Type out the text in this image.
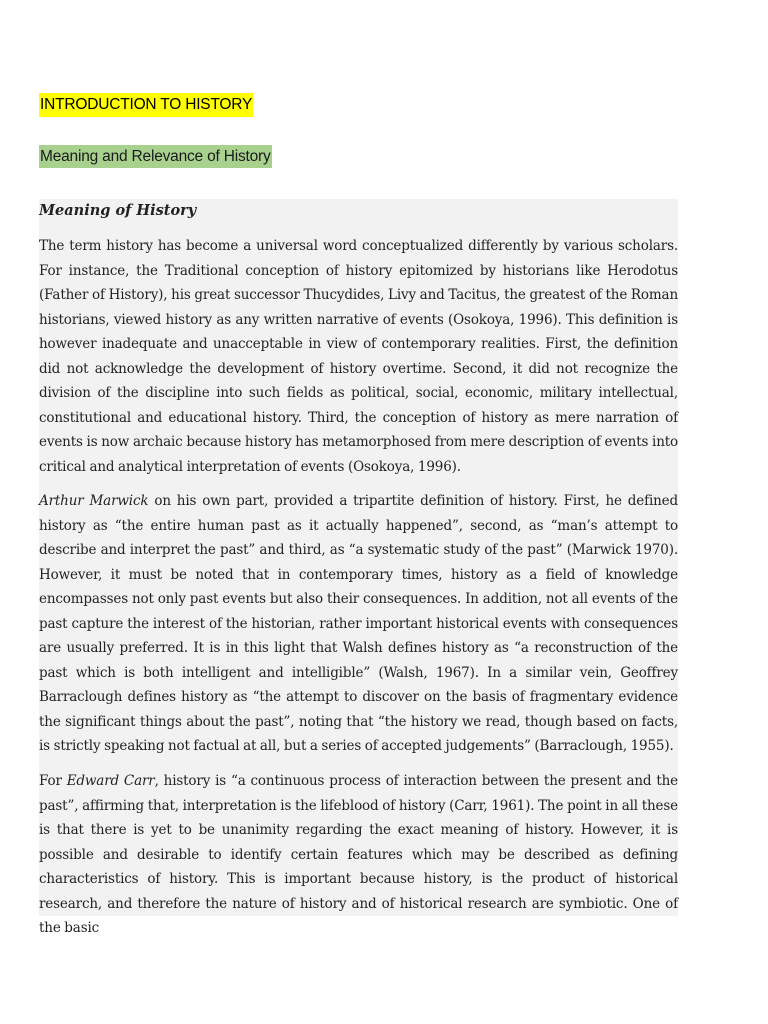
INTRODUCTION TO HISTORY
Meaning and Relevance of History
Meaning of History

The term history has become a universal word conceptualized differently by various scholars. For instance, the Traditional conception of history epitomized by historians like Herodotus (Father of History), his great successor Thucydides, Livy and Tacitus, the greatest of the Roman historians, viewed history as any written narrative of events (Osokoya, 1996). This definition is however inadequate and unacceptable in view of contemporary realities. First, the definition did not acknowledge the development of history overtime. Second, it did not recognize the division of the discipline into such fields as political, social, economic, military intellectual, constitutional and educational history. Third, the conception of history as mere narration of events is now archaic because history has metamorphosed from mere description of events into critical and analytical interpretation of events (Osokoya, 1996).

Arthur Marwick on his own part, provided a tripartite definition of history. First, he defined history as “the entire human past as it actually happened”, second, as “man’s attempt to describe and interpret the past” and third, as “a systematic study of the past” (Marwick 1970). However, it must be noted that in contemporary times, history as a field of knowledge encompasses not only past events but also their consequences. In addition, not all events of the past capture the interest of the historian, rather important historical events with consequences are usually preferred. It is in this light that Walsh defines history as “a reconstruction of the past which is both intelligent and intelligible” (Walsh, 1967). In a similar vein, Geoffrey Barraclough defines history as “the attempt to discover on the basis of fragmentary evidence the significant things about the past”, noting that “the history we read, though based on facts, is strictly speaking not factual at all, but a series of accepted judgements” (Barraclough, 1955).

For Edward Carr, history is “a continuous process of interaction between the present and the past”, affirming that, interpretation is the lifeblood of history (Carr, 1961). The point in all these is that there is yet to be unanimity regarding the exact meaning of history. However, it is possible and desirable to identify certain features which may be described as defining characteristics of history. This is important because history, is the product of historical research, and therefore the nature of history and of historical research are symbiotic. One of the basic
